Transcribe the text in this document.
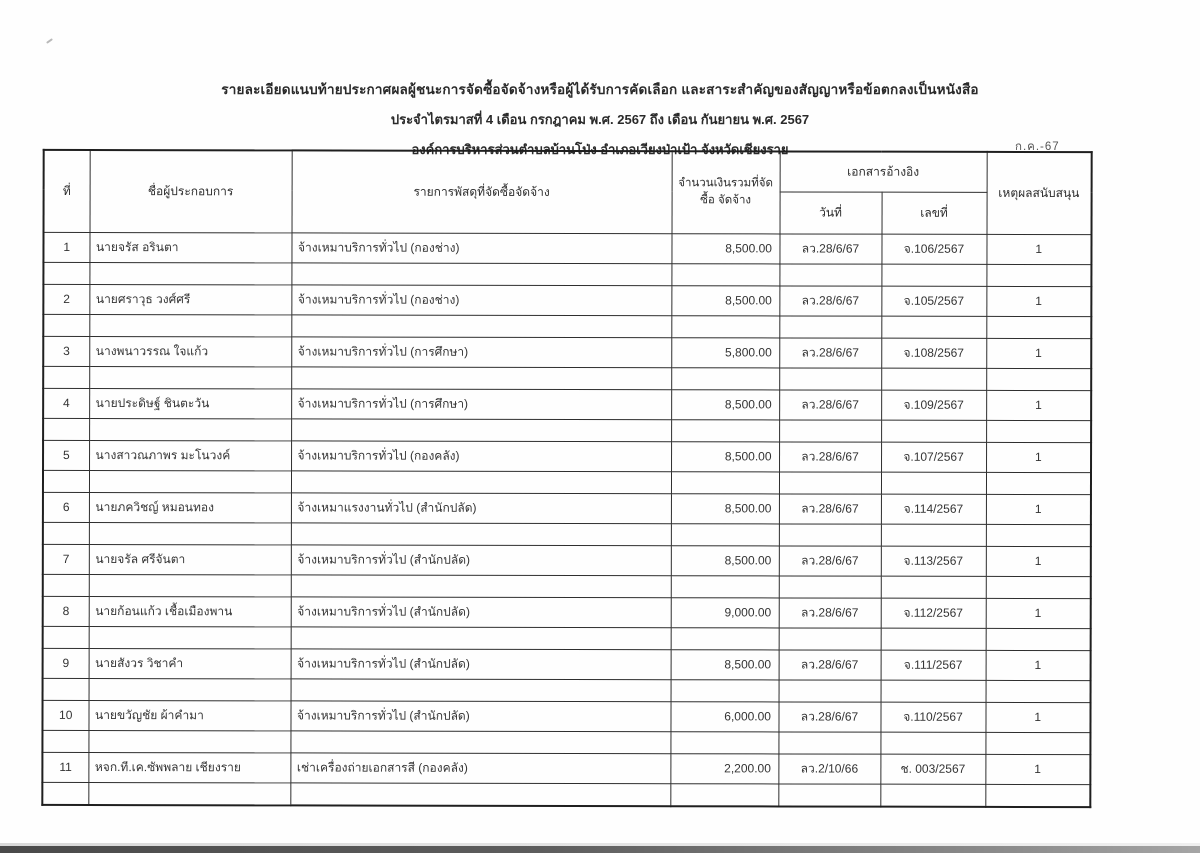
รายละเอียดแนบท้ายประกาศผลผู้ชนะการจัดซื้อจัดจ้างหรือผู้ได้รับการคัดเลือก และสาระสำคัญของสัญญาหรือข้อตกลงเป็นหนังสือ
ประจำไตรมาสที่ 4 เดือน กรกฎาคม พ.ศ. 2567 ถึง เดือน กันยายน พ.ศ. 2567
องค์การบริหารส่วนตำบลบ้านโป่ง อำเภอเวียงป่าเป้า จังหวัดเชียงราย	ก.ค.-67
ที่	ชื่อผู้ประกอบการ	รายการพัสดุที่จัดซื้อจัดจ้าง	จำนวนเงินรวมที่จัดซื้อ จัดจ้าง	เอกสารอ้างอิง		เหตุผลสนับสนุน
				วันที่	เลขที่	
1	นายจรัส อรินตา	จ้างเหมาบริการทั่วไป (กองช่าง)	8,500.00	ลว.28/6/67	จ.106/2567	1

2	นายศราวุธ วงศ์ศรี	จ้างเหมาบริการทั่วไป (กองช่าง)	8,500.00	ลว.28/6/67	จ.105/2567	1

3	นางพนาวรรณ ใจแก้ว	จ้างเหมาบริการทั่วไป (การศึกษา)	5,800.00	ลว.28/6/67	จ.108/2567	1

4	นายประดิษฐ์ ชินตะวัน	จ้างเหมาบริการทั่วไป (การศึกษา)	8,500.00	ลว.28/6/67	จ.109/2567	1

5	นางสาวณภาพร มะโนวงค์	จ้างเหมาบริการทั่วไป (กองคลัง)	8,500.00	ลว.28/6/67	จ.107/2567	1

6	นายภควิชญ์ หมอนทอง	จ้างเหมาแรงงานทั่วไป (สำนักปลัด)	8,500.00	ลว.28/6/67	จ.114/2567	1

7	นายจรัล ศรีจันตา	จ้างเหมาบริการทั่วไป (สำนักปลัด)	8,500.00	ลว.28/6/67	จ.113/2567	1

8	นายก้อนแก้ว เชื้อเมืองพาน	จ้างเหมาบริการทั่วไป (สำนักปลัด)	9,000.00	ลว.28/6/67	จ.112/2567	1

9	นายสังวร วิชาคำ	จ้างเหมาบริการทั่วไป (สำนักปลัด)	8,500.00	ลว.28/6/67	จ.111/2567	1

10	นายขวัญชัย ผ้าคำมา	จ้างเหมาบริการทั่วไป (สำนักปลัด)	6,000.00	ลว.28/6/67	จ.110/2567	1

11	หจก.ที.เค.ซัพพลาย เชียงราย	เช่าเครื่องถ่ายเอกสารสี (กองคลัง)	2,200.00	ลว.2/10/66	ช. 003/2567	1
